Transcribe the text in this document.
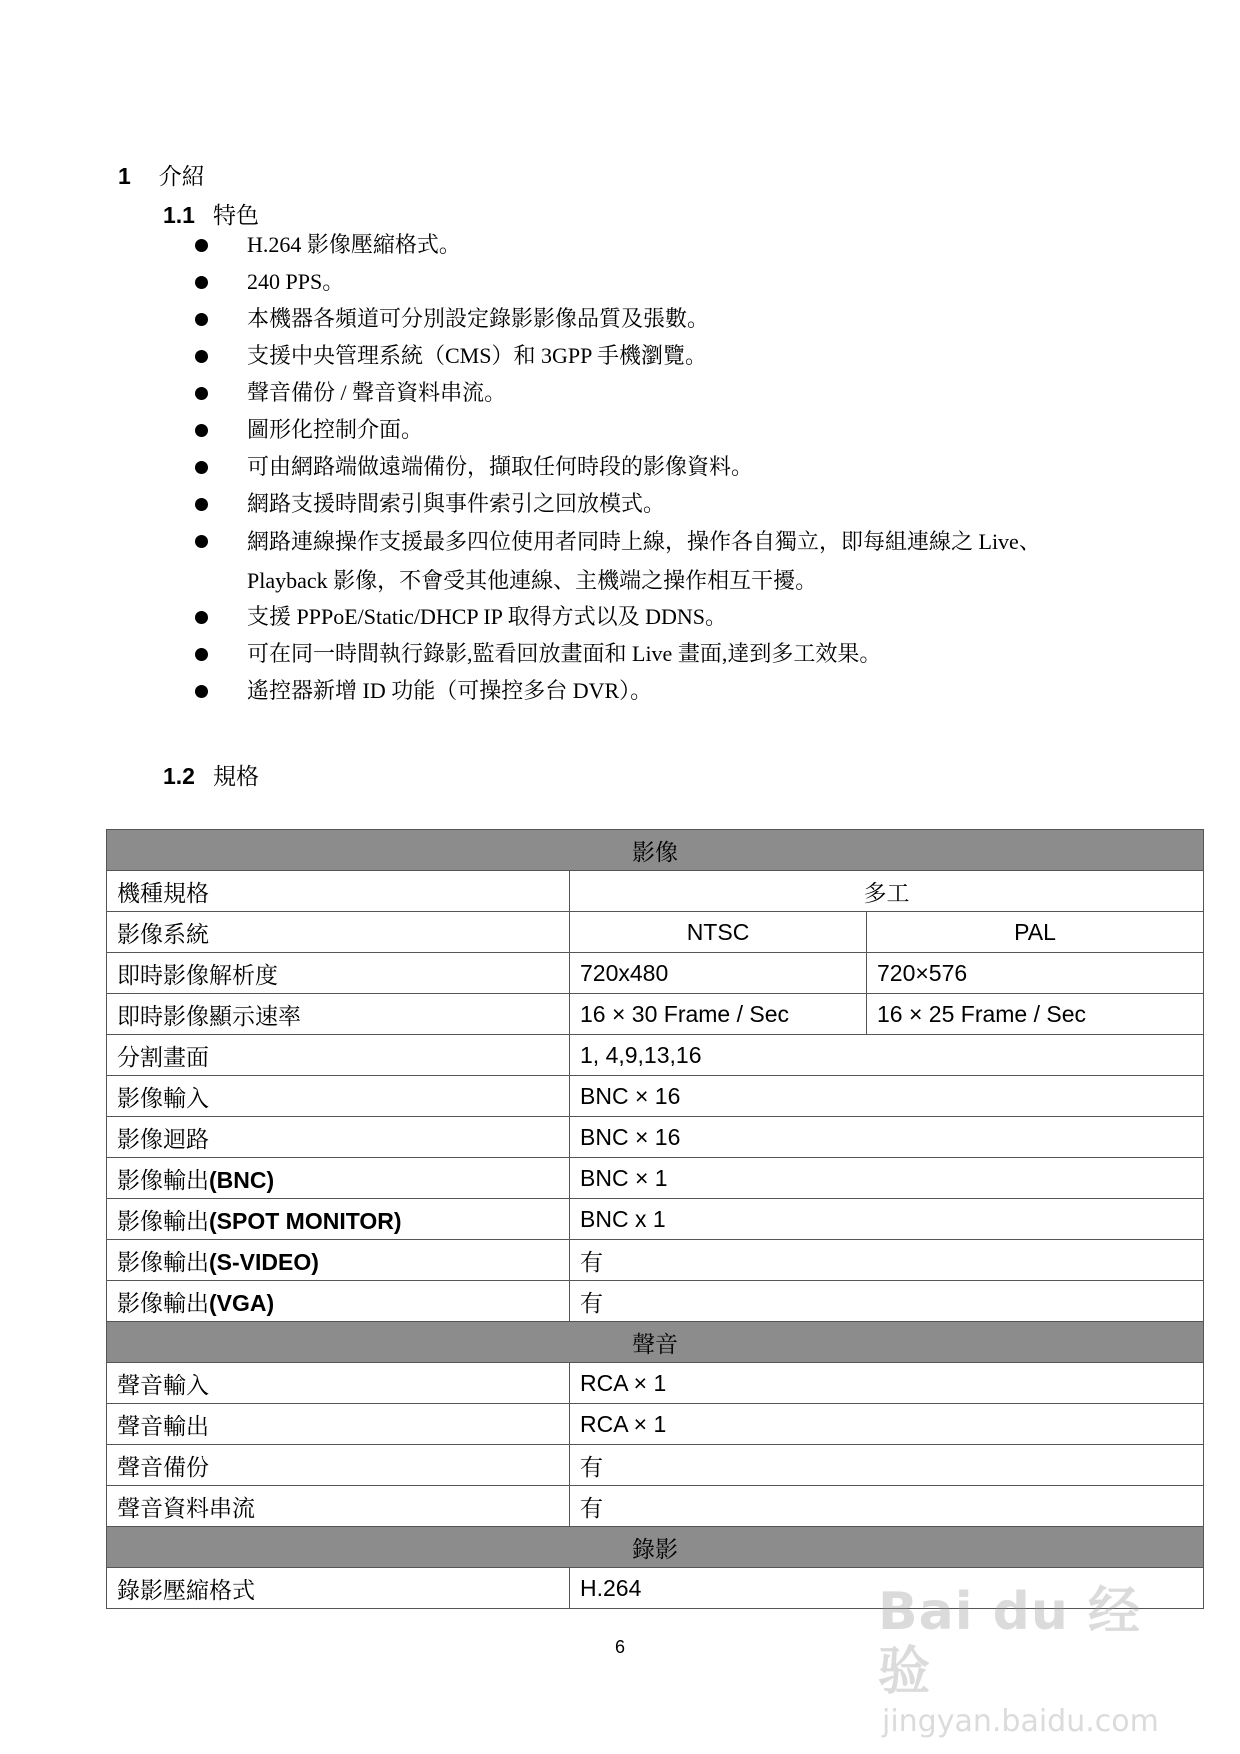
1 介紹
1.1 特色
H.264 影像壓縮格式。
240 PPS。
本機器各頻道可分別設定錄影影像品質及張數。
支援中央管理系統（CMS）和 3GPP 手機瀏覽。
聲音備份 / 聲音資料串流。
圖形化控制介面。
可由網路端做遠端備份，擷取任何時段的影像資料。
網路支援時間索引與事件索引之回放模式。
網路連線操作支援最多四位使用者同時上線，操作各自獨立，即每組連線之 Live、Playback 影像，不會受其他連線、主機端之操作相互干擾。
支援 PPPoE/Static/DHCP IP 取得方式以及 DDNS。
可在同一時間執行錄影,監看回放畫面和 Live 畫面,達到多工效果。
遙控器新增 ID 功能（可操控多台 DVR）。
1.2 規格
影像		
機種規格	多工	
影像系統	NTSC	PAL
即時影像解析度	720x480	720×576
即時影像顯示速率	16 × 30 Frame / Sec	16 × 25 Frame / Sec
分割畫面	1, 4,9,13,16	
影像輸入	BNC × 16	
影像迴路	BNC × 16	
影像輸出(BNC)	BNC × 1	
影像輸出(SPOT MONITOR)	BNC x 1	
影像輸出(S-VIDEO)	有	
影像輸出(VGA)	有	
聲音		
聲音輸入	RCA × 1	
聲音輸出	RCA × 1	
聲音備份	有	
聲音資料串流	有	
錄影		
錄影壓縮格式	H.264	
6
Bai du 经验
jingyan.baidu.com
